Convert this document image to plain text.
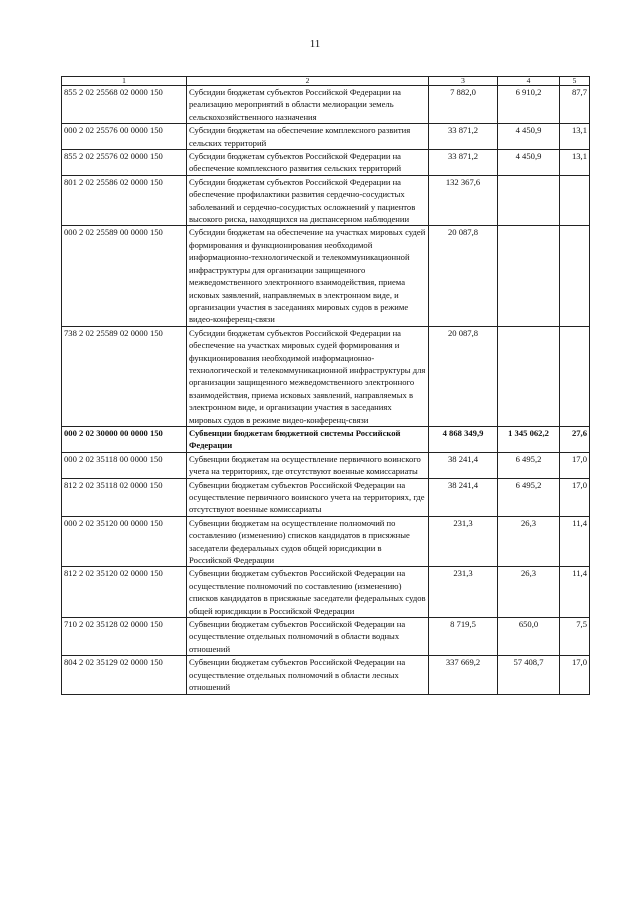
11
1	2	3	4	5
855 2 02 25568 02 0000 150	Субсидии бюджетам субъектов Российской Федерации на реализацию мероприятий в области мелиорации земель сельскохозяйственного назначения	7 882,0	6 910,2	87,7
000 2 02 25576 00 0000 150	Субсидии бюджетам на обеспечение комплексного развития сельских территорий	33 871,2	4 450,9	13,1
855 2 02 25576 02 0000 150	Субсидии бюджетам субъектов Российской Федерации на обеспечение комплексного развития сельских территорий	33 871,2	4 450,9	13,1
801 2 02 25586 02 0000 150	Субсидии бюджетам субъектов Российской Федерации на обеспечение профилактики развития сердечно-сосудистых заболеваний и сердечно-сосудистых осложнений у пациентов высокого риска, находящихся на диспансерном наблюдении	132 367,6		
000 2 02 25589 00 0000 150	Субсидии бюджетам на обеспечение на участках мировых судей формирования и функционирования необходимой информационно-технологической и телекоммуникационной инфраструктуры для организации защищенного межведомственного электронного взаимодействия, приема исковых заявлений, направляемых в электронном виде, и организации участия в заседаниях мировых судов в режиме видео-конференц-связи	20 087,8		
738 2 02 25589 02 0000 150	Субсидии бюджетам субъектов Российской Федерации на обеспечение на участках мировых судей формирования и функционирования необходимой информационно-технологической и телекоммуникационной инфраструктуры для организации защищенного межведомственного электронного взаимодействия, приема исковых заявлений, направляемых в электронном виде, и организации участия в заседаниях мировых судов в режиме видео-конференц-связи	20 087,8		
000 2 02 30000 00 0000 150	Субвенции бюджетам бюджетной системы Российской Федерации	4 868 349,9	1 345 062,2	27,6
000 2 02 35118 00 0000 150	Субвенции бюджетам на осуществление первичного воинского учета на территориях, где отсутствуют военные комиссариаты	38 241,4	6 495,2	17,0
812 2 02 35118 02 0000 150	Субвенции бюджетам субъектов Российской Федерации на осуществление первичного воинского учета на территориях, где отсутствуют военные комиссариаты	38 241,4	6 495,2	17,0
000 2 02 35120 00 0000 150	Субвенции бюджетам на осуществление полномочий по составлению (изменению) списков кандидатов в присяжные заседатели федеральных судов общей юрисдикции в Российской Федерации	231,3	26,3	11,4
812 2 02 35120 02 0000 150	Субвенции бюджетам субъектов Российской Федерации на осуществление полномочий по составлению (изменению) списков кандидатов в присяжные заседатели федеральных судов общей юрисдикции в Российской Федерации	231,3	26,3	11,4
710 2 02 35128 02 0000 150	Субвенции бюджетам субъектов Российской Федерации на осуществление отдельных полномочий в области водных отношений	8 719,5	650,0	7,5
804 2 02 35129 02 0000 150	Субвенции бюджетам субъектов Российской Федерации на осуществление отдельных полномочий в области лесных отношений	337 669,2	57 408,7	17,0
